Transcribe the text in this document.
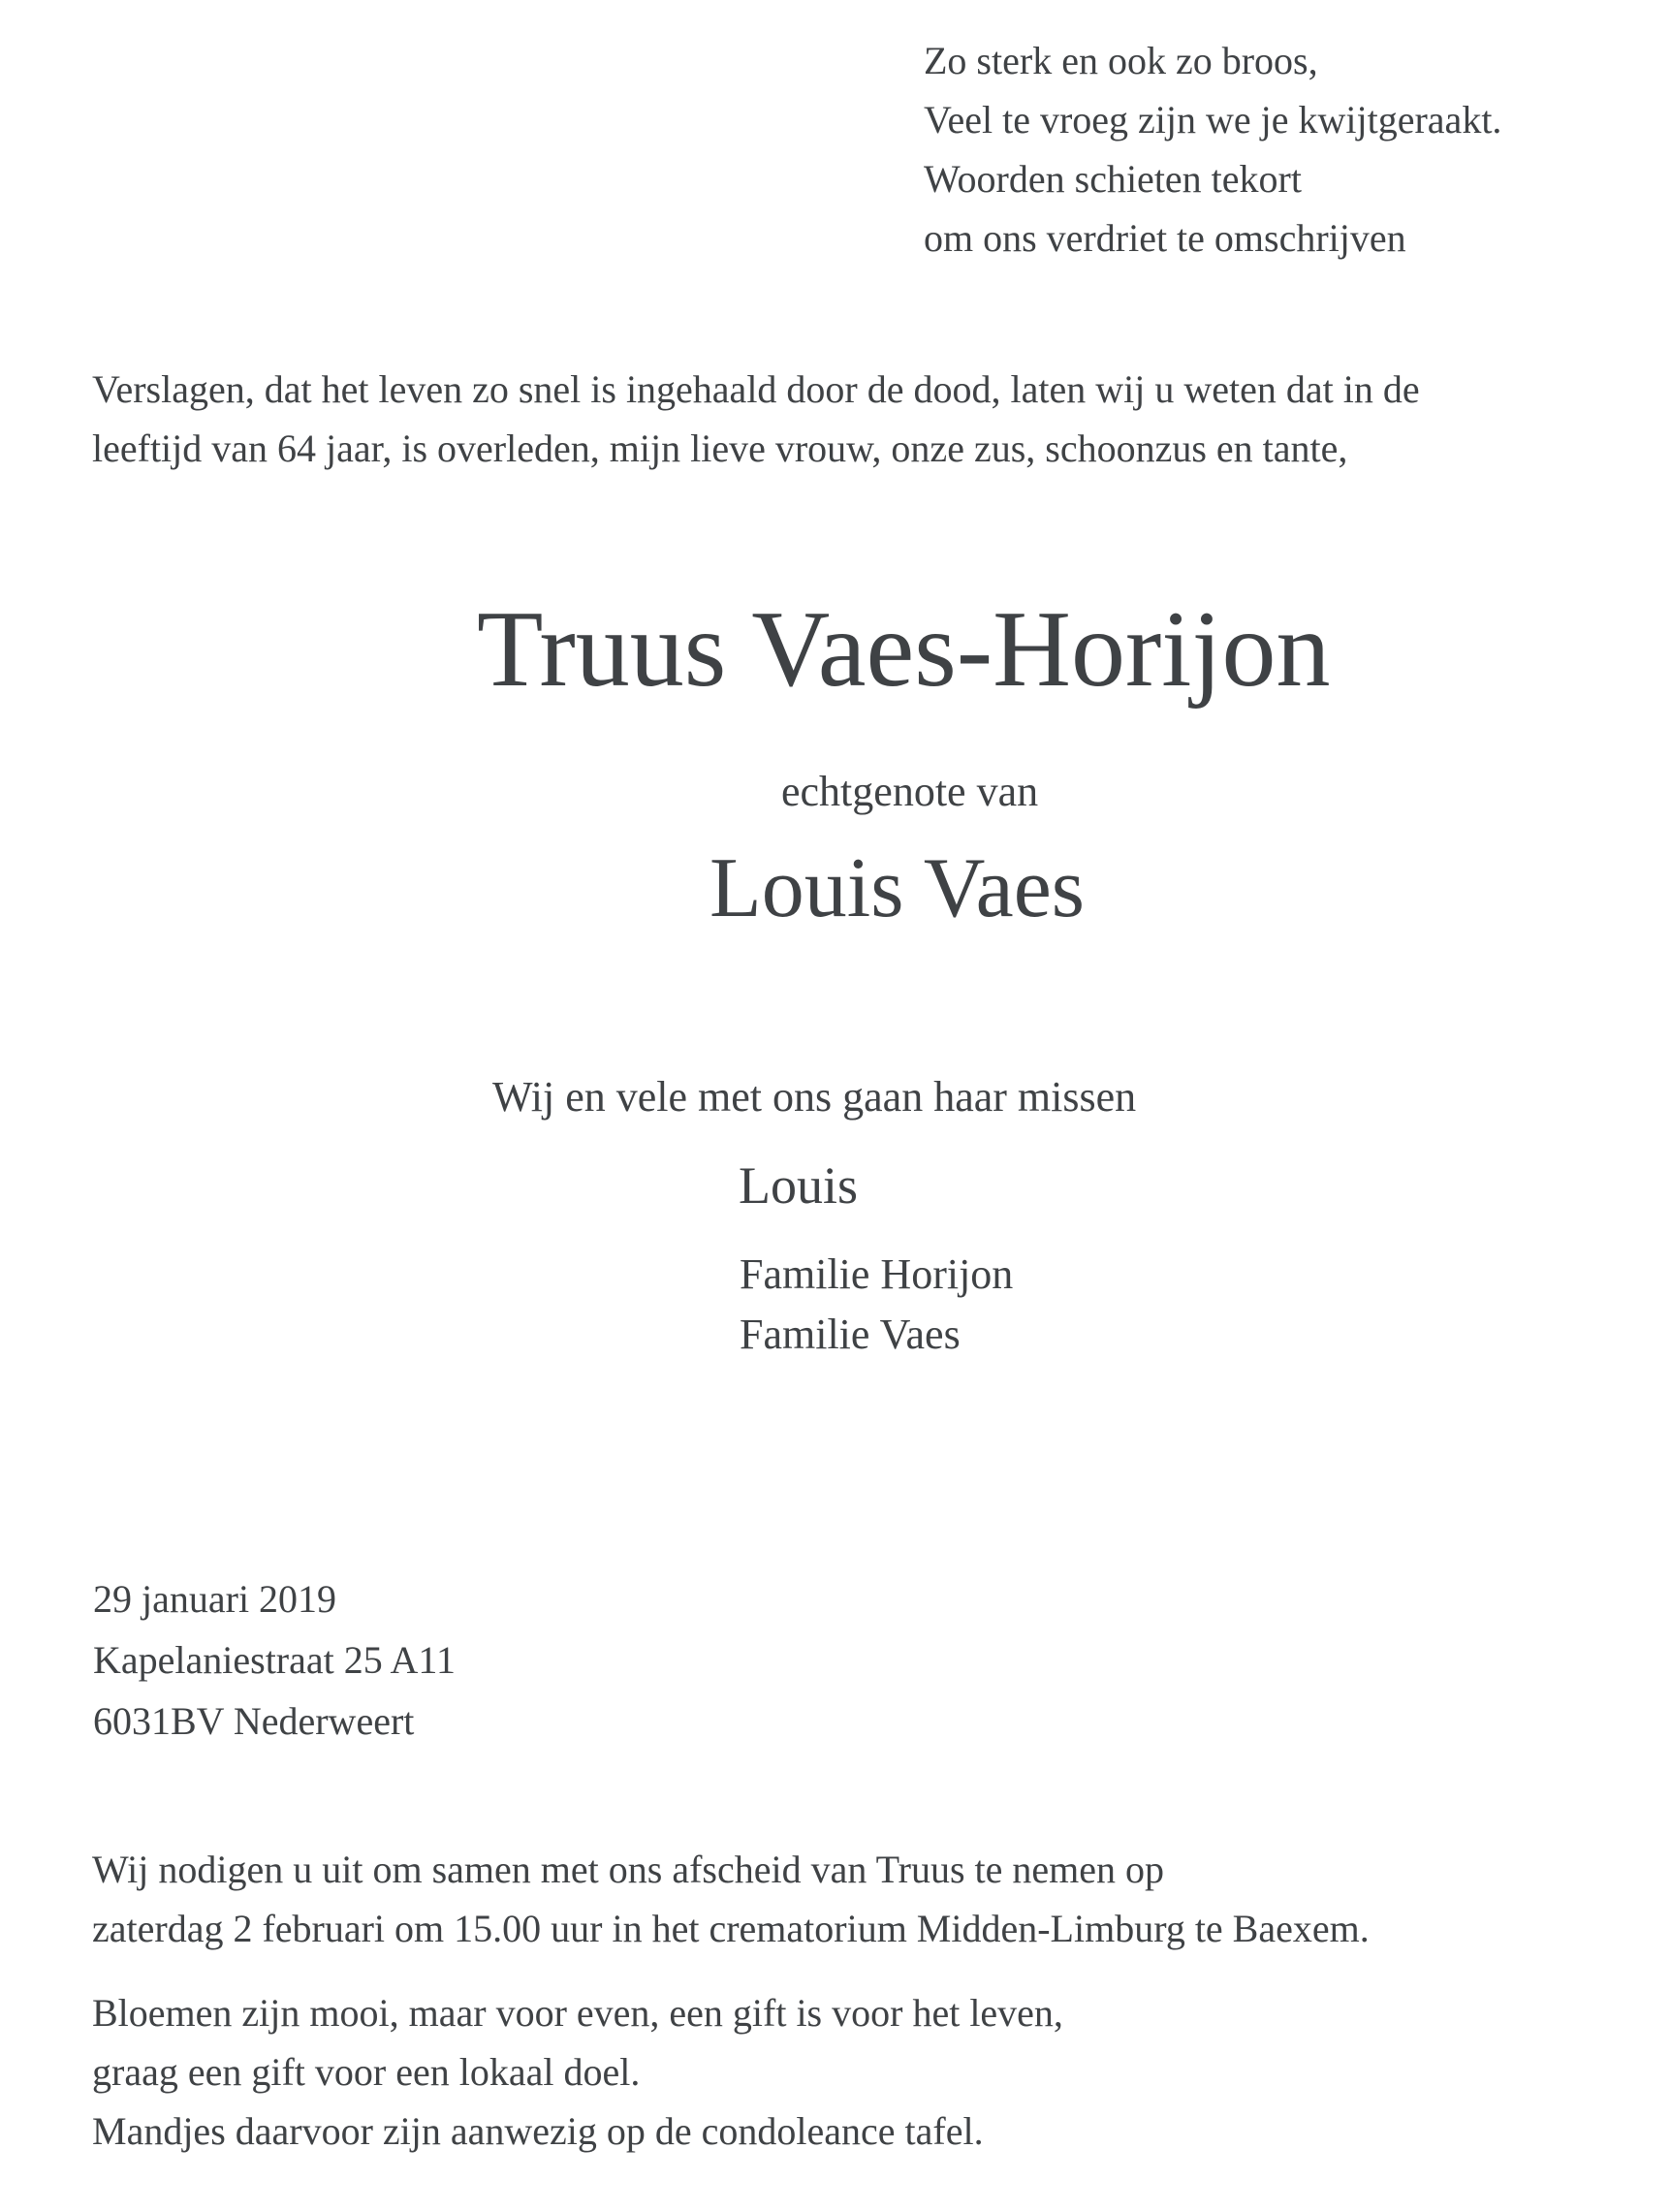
Zo sterk en ook zo broos,
Veel te vroeg zijn we je kwijtgeraakt.
Woorden schieten tekort
om ons verdriet te omschrijven
Verslagen, dat het leven zo snel is ingehaald door de dood, laten wij u weten dat in de
leeftijd van 64 jaar, is overleden, mijn lieve vrouw, onze zus, schoonzus en tante,
Truus Vaes-Horijon
echtgenote van
Louis Vaes
Wij en vele met ons gaan haar missen
Louis
Familie Horijon
Familie Vaes
29 januari 2019
Kapelaniestraat 25 A11
6031BV Nederweert
Wij nodigen u uit om samen met ons afscheid van Truus te nemen op
zaterdag 2 februari om 15.00 uur in het crematorium Midden-Limburg te Baexem.
Bloemen zijn mooi, maar voor even, een gift is voor het leven,
graag een gift voor een lokaal doel.
Mandjes daarvoor zijn aanwezig op de condoleance tafel.
